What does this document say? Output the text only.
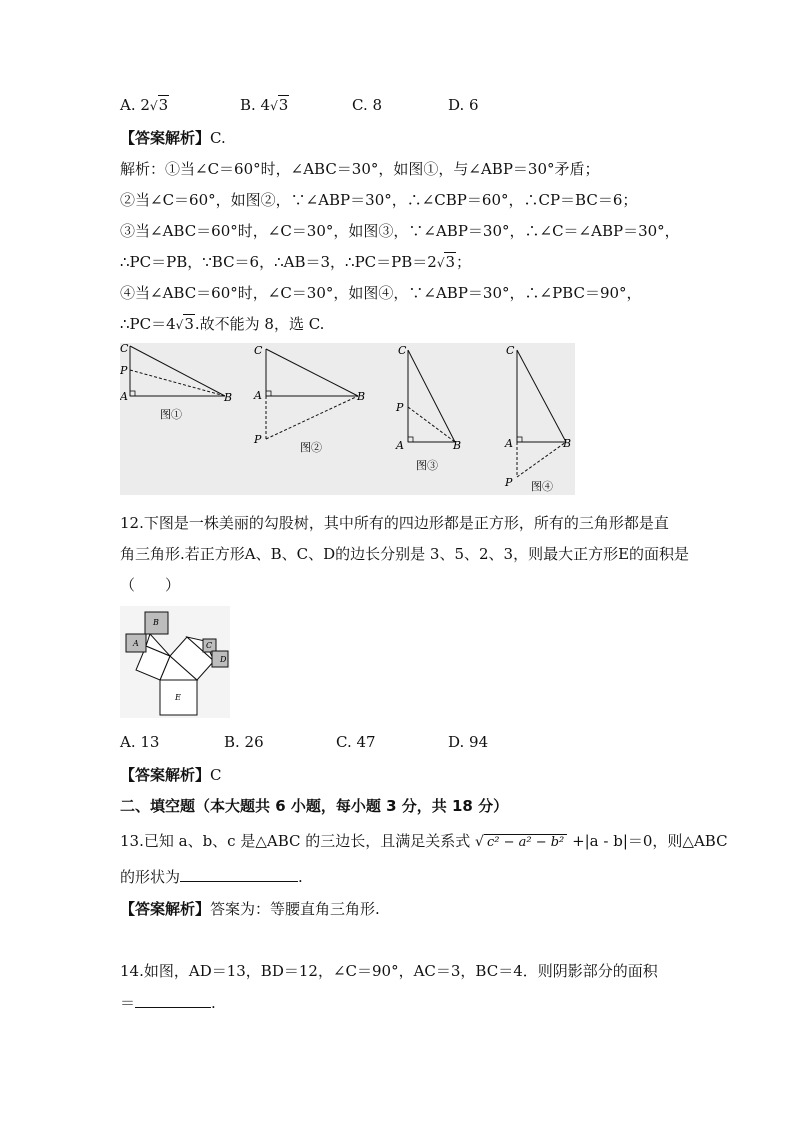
A. 2√3	B. 4√3	C. 8	D. 6
【答案解析】C.
解析：①当∠C＝60°时，∠ABC＝30°，如图①，与∠ABP＝30°矛盾；
②当∠C＝60°，如图②，∵∠ABP＝30°，∴∠CBP＝60°，∴CP＝BC＝6；
③当∠ABC＝60°时，∠C＝30°，如图③，∵∠ABP＝30°，∴∠C＝∠ABP＝30°，
∴PC＝PB，∵BC＝6，∴AB＝3，∴PC＝PB＝2√3；
④当∠ABC＝60°时，∠C＝30°，如图④，∵∠ABP＝30°，∴∠PBC＝90°，
∴PC＝4√3.故不能为 8，选 C.
C
P
A	B
图①
C
A	B
P
图②
C
P
A	B
图③
C
A	B
P 图④
12.下图是一株美丽的勾股树，其中所有的四边形都是正方形，所有的三角形都是直
角三角形.若正方形A、B、C、D的边长分别是 3、5、2、3，则最大正方形E的面积是
（　　）
A
B
C
D
E
A. 13	B. 26	C. 47	D. 94
【答案解析】C
二、填空题（本大题共 6 小题，每小题 3 分，共 18 分）
13.已知 a、b、c 是△ABC 的三边长，且满足关系式 √ c² − a² − b² +|a - b|＝0，则△ABC
的形状为	.
【答案解析】答案为：等腰直角三角形.
14.如图，AD＝13，BD＝12，∠C＝90°，AC＝3，BC＝4．则阴影部分的面积
＝	.
